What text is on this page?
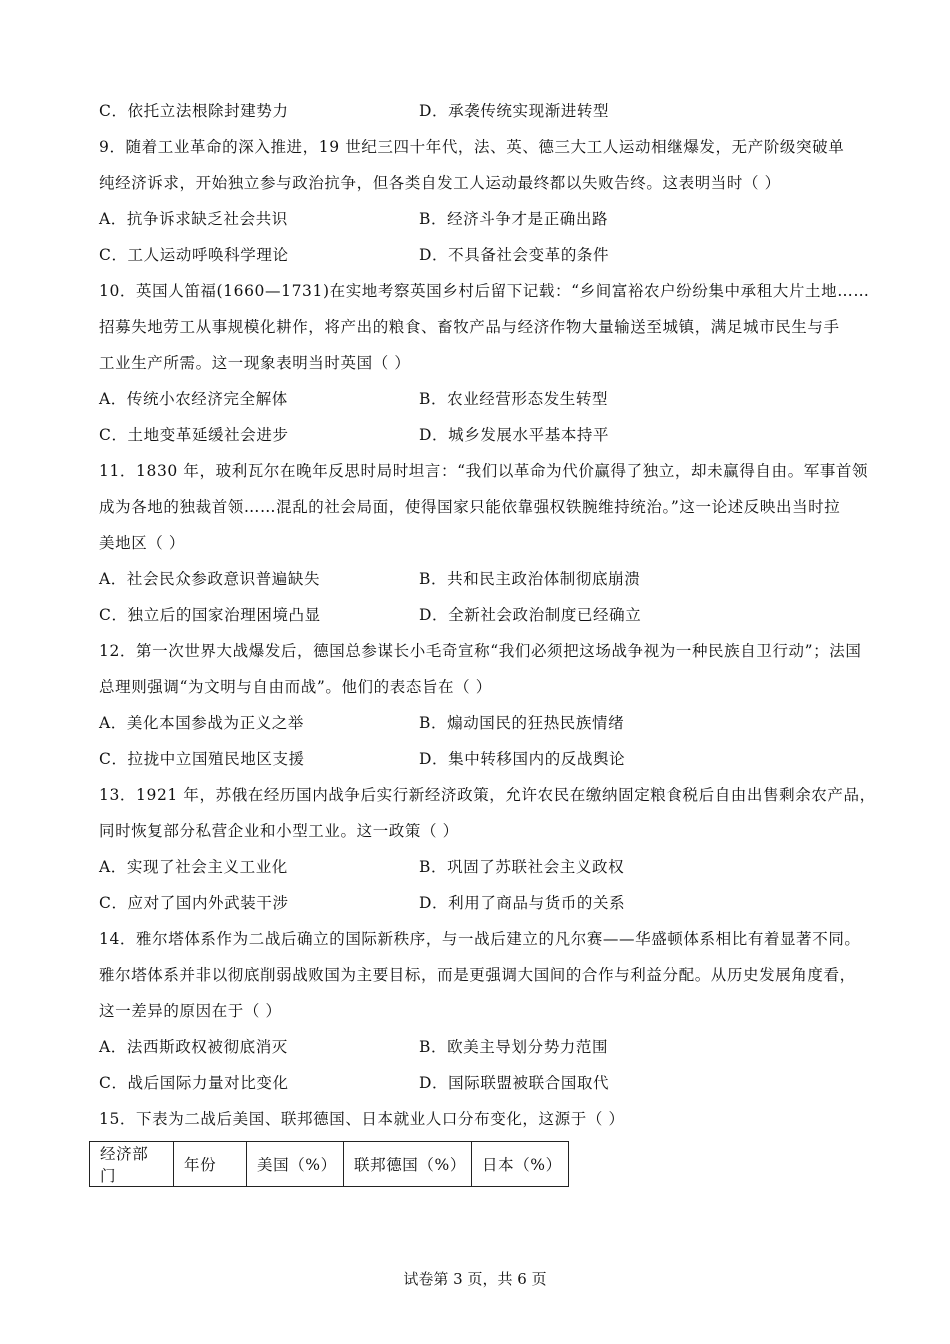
C．依托立法根除封建势力	D．承袭传统实现渐进转型
9．随着工业革命的深入推进，19 世纪三四十年代，法、英、德三大工人运动相继爆发，无产阶级突破单
纯经济诉求，开始独立参与政治抗争，但各类自发工人运动最终都以失败告终。这表明当时（ ）
A．抗争诉求缺乏社会共识	B．经济斗争才是正确出路
C．工人运动呼唤科学理论	D．不具备社会变革的条件
10．英国人笛福(1660—1731)在实地考察英国乡村后留下记载：“乡间富裕农户纷纷集中承租大片土地……
招募失地劳工从事规模化耕作，将产出的粮食、畜牧产品与经济作物大量输送至城镇，满足城市民生与手
工业生产所需。这一现象表明当时英国（ ）
A．传统小农经济完全解体	B．农业经营形态发生转型
C．土地变革延缓社会进步	D．城乡发展水平基本持平
11．1830 年，玻利瓦尔在晚年反思时局时坦言：“我们以革命为代价赢得了独立，却未赢得自由。军事首领
成为各地的独裁首领……混乱的社会局面，使得国家只能依靠强权铁腕维持统治。”这一论述反映出当时拉
美地区（ ）
A．社会民众参政意识普遍缺失	B．共和民主政治体制彻底崩溃
C．独立后的国家治理困境凸显	D．全新社会政治制度已经确立
12．第一次世界大战爆发后，德国总参谋长小毛奇宣称“我们必须把这场战争视为一种民族自卫行动”；法国
总理则强调“为文明与自由而战”。他们的表态旨在（ ）
A．美化本国参战为正义之举	B．煽动国民的狂热民族情绪
C．拉拢中立国殖民地区支援	D．集中转移国内的反战舆论
13．1921 年，苏俄在经历国内战争后实行新经济政策，允许农民在缴纳固定粮食税后自由出售剩余农产品，
同时恢复部分私营企业和小型工业。这一政策（ ）
A．实现了社会主义工业化	B．巩固了苏联社会主义政权
C．应对了国内外武装干涉	D．利用了商品与货币的关系
14．雅尔塔体系作为二战后确立的国际新秩序，与一战后建立的凡尔赛——华盛顿体系相比有着显著不同。
雅尔塔体系并非以彻底削弱战败国为主要目标，而是更强调大国间的合作与利益分配。从历史发展角度看，
这一差异的原因在于（ ）
A．法西斯政权被彻底消灭	B．欧美主导划分势力范围
C．战后国际力量对比变化	D．国际联盟被联合国取代
15．下表为二战后美国、联邦德国、日本就业人口分布变化，这源于（ ）
经济部门	年份	美国（%）	联邦德国（%）	日本（%）
试卷第 3 页，共 6 页
